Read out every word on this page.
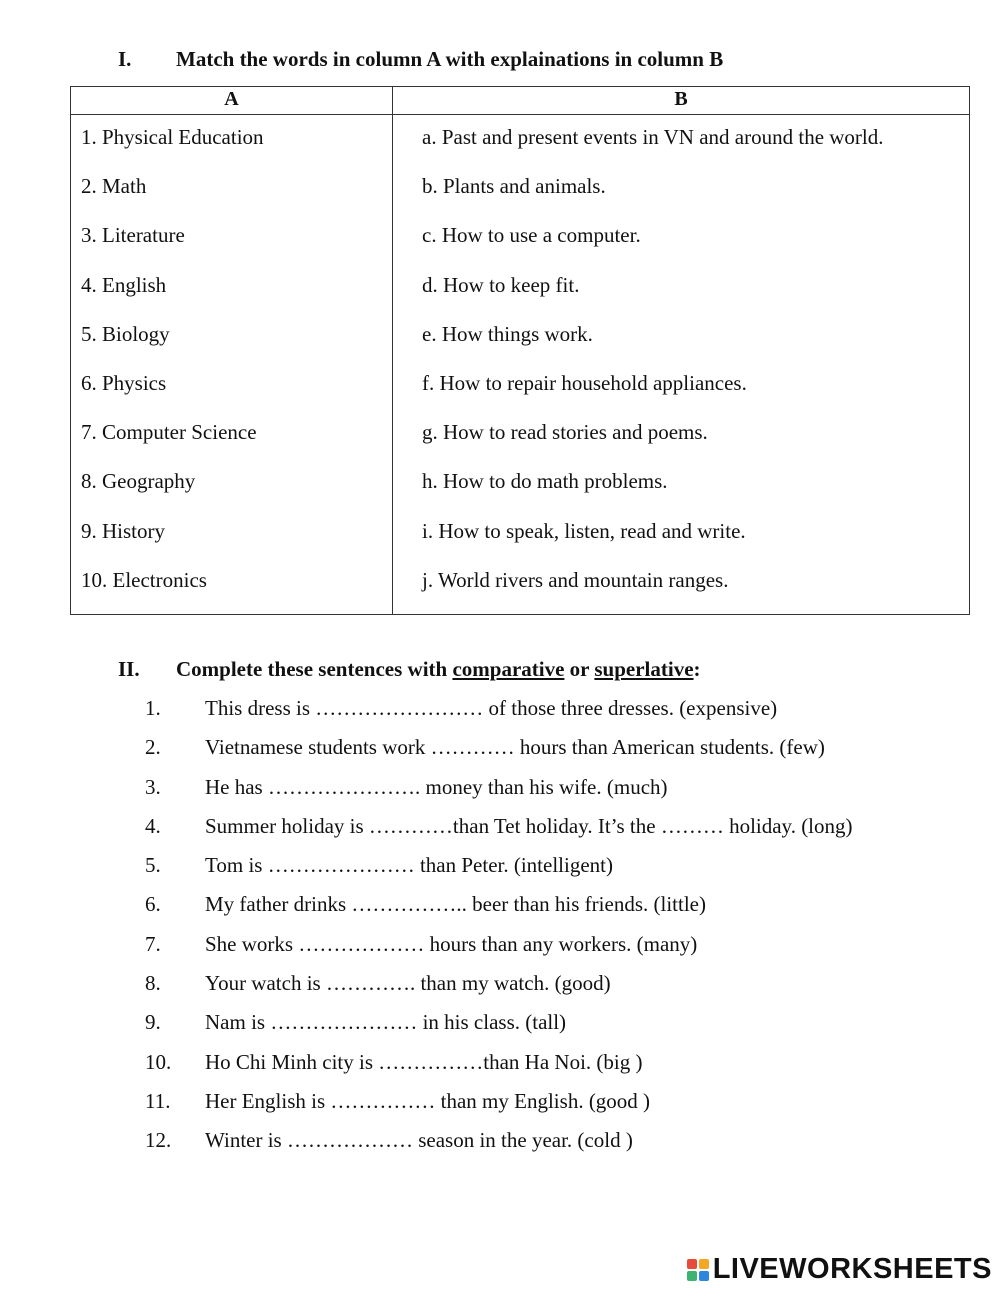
I. Match the words in column A with explainations in column B
A	B
1. Physical Education
2. Math
3. Literature
4. English
5. Biology
6. Physics
7. Computer Science
8. Geography
9. History
10. Electronics
a. Past and present events in VN and around the world.
b. Plants and animals.
c. How to use a computer.
d. How to keep fit.
e. How things work.
f. How to repair household appliances.
g. How to read stories and poems.
h. How to do math problems.
i. How to speak, listen, read and write.
j. World rivers and mountain ranges.
II. Complete these sentences with comparative or superlative:
1. This dress is …………………… of those three dresses. (expensive)
2. Vietnamese students work ………… hours than American students. (few)
3. He has …………………. money than his wife. (much)
4. Summer holiday is …………than Tet holiday. It’s the ……… holiday. (long)
5. Tom is ………………… than Peter. (intelligent)
6. My father drinks …………….. beer than his friends. (little)
7. She works ……………… hours than any workers. (many)
8. Your watch is …………. than my watch. (good)
9. Nam is ………………… in his class. (tall)
10. Ho Chi Minh city is ……………than Ha Noi. (big )
11. Her English is …………… than my English. (good )
12. Winter is ……………… season in the year. (cold )
LIVEWORKSHEETS
